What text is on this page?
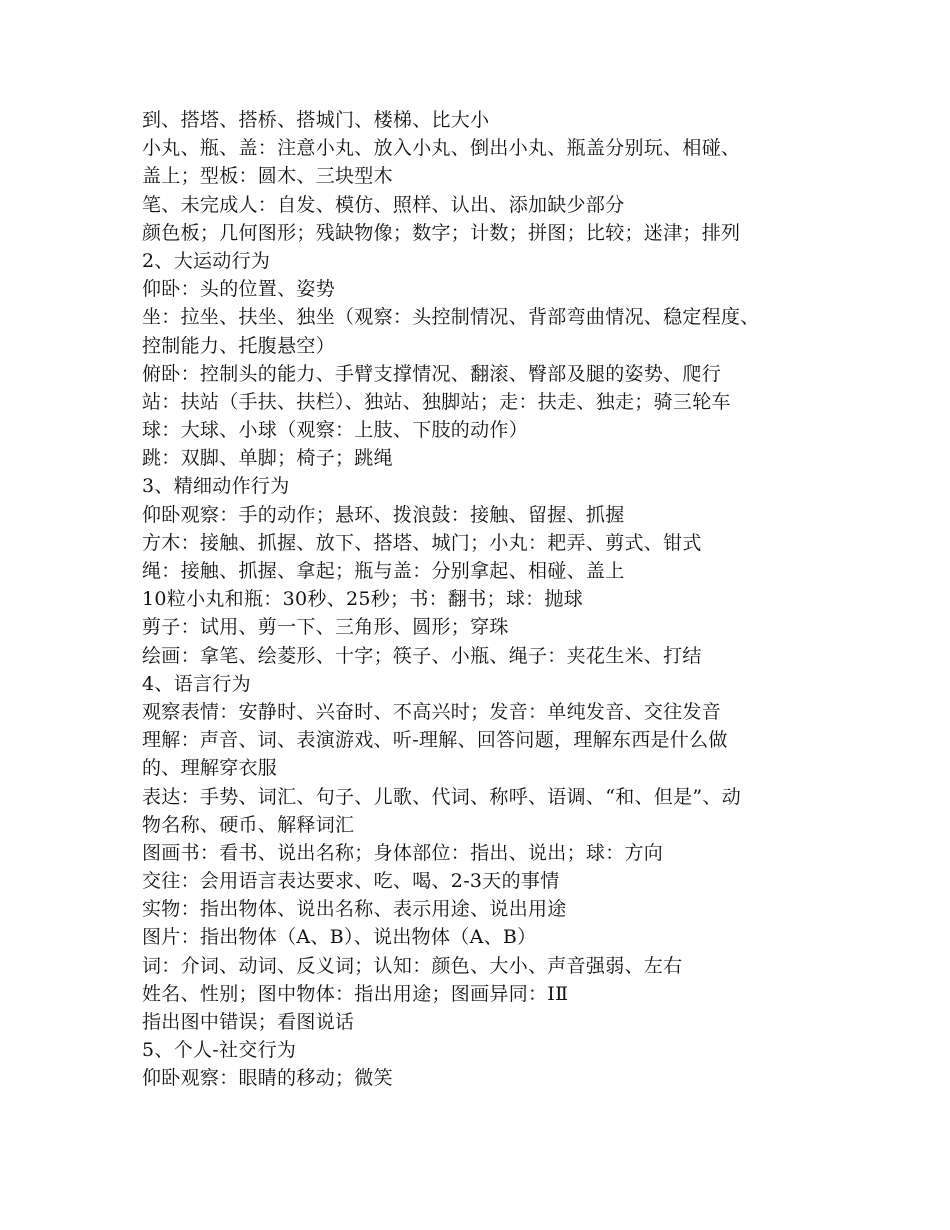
到、搭塔、搭桥、搭城门、楼梯、比大小
小丸、瓶、盖：注意小丸、放入小丸、倒出小丸、瓶盖分别玩、相碰、
盖上；型板：圆木、三块型木
笔、未完成人：自发、模仿、照样、认出、添加缺少部分
颜色板；几何图形；残缺物像；数字；计数；拼图；比较；迷津；排列
2、大运动行为
仰卧：头的位置、姿势
坐：拉坐、扶坐、独坐（观察：头控制情况、背部弯曲情况、稳定程度、
控制能力、托腹悬空）
俯卧：控制头的能力、手臂支撑情况、翻滚、臀部及腿的姿势、爬行
站：扶站（手扶、扶栏）、独站、独脚站；走：扶走、独走；骑三轮车
球：大球、小球（观察：上肢、下肢的动作）
跳：双脚、单脚；椅子；跳绳
3、精细动作行为
仰卧观察：手的动作；悬环、拨浪鼓：接触、留握、抓握
方木：接触、抓握、放下、搭塔、城门；小丸：耙弄、剪式、钳式
绳：接触、抓握、拿起；瓶与盖：分别拿起、相碰、盖上
10粒小丸和瓶：30秒、25秒；书：翻书；球：抛球
剪子：试用、剪一下、三角形、圆形；穿珠
绘画：拿笔、绘菱形、十字；筷子、小瓶、绳子：夹花生米、打结
4、语言行为
观察表情：安静时、兴奋时、不高兴时；发音：单纯发音、交往发音
理解：声音、词、表演游戏、听-理解、回答问题，理解东西是什么做
的、理解穿衣服
表达：手势、词汇、句子、儿歌、代词、称呼、语调、“和、但是”、动
物名称、硬币、解释词汇
图画书：看书、说出名称；身体部位：指出、说出；球：方向
交往：会用语言表达要求、吃、喝、2-3天的事情
实物：指出物体、说出名称、表示用途、说出用途
图片：指出物体（A、B）、说出物体（A、B）
词：介词、动词、反义词；认知：颜色、大小、声音强弱、左右
姓名、性别；图中物体：指出用途；图画异同：ⅠⅡ
指出图中错误；看图说话
5、个人-社交行为
仰卧观察：眼睛的移动；微笑
